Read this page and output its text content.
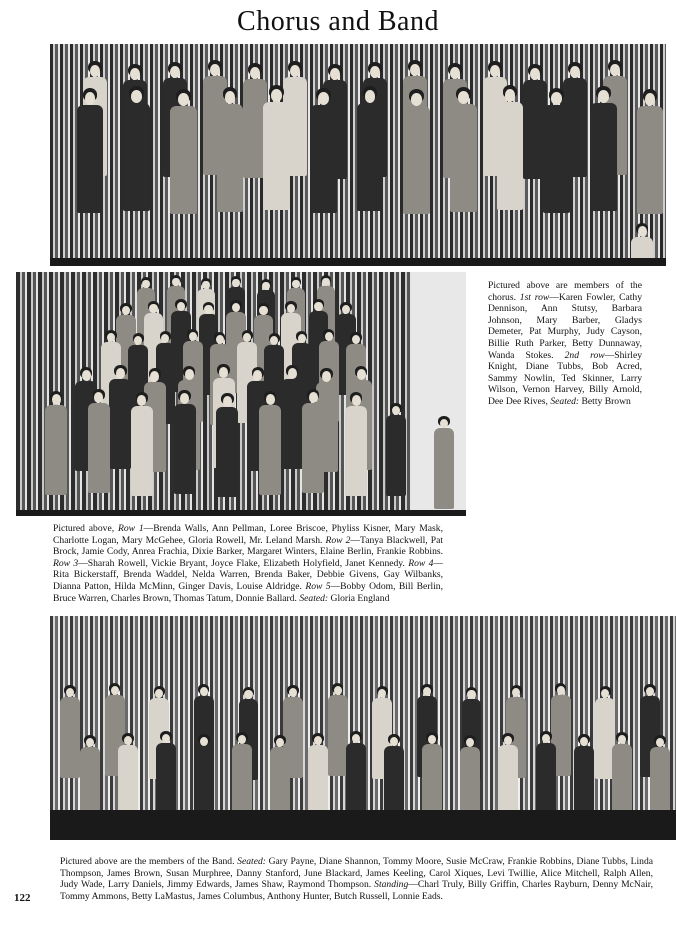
Chorus and Band
Pictured above are members of the chorus. 1st row—Karen Fowler, Cathy Dennison, Ann Stutsy, Barbara Johnson, Mary Barber, Gladys Demeter, Pat Murphy, Judy Cayson, Billie Ruth Parker, Betty Dunnaway, Wanda Stokes. 2nd row—Shirley Knight, Diane Tubbs, Bob Acred, Sammy Nowlin, Ted Skinner, Larry Wilson, Vernon Harvey, Billy Arnold, Dee Dee Rives, Seated: Betty Brown
Pictured above, Row 1—Brenda Walls, Ann Pellman, Loree Briscoe, Phyliss Kisner, Mary Mask, Charlotte Logan, Mary McGehee, Gloria Rowell, Mr. Leland Marsh. Row 2—Tanya Blackwell, Pat Brock, Jamie Cody, Anrea Frachia, Dixie Barker, Margaret Winters, Elaine Berlin, Frankie Robbins. Row 3—Sharah Rowell, Vickie Bryant, Joyce Flake, Elizabeth Holyfield, Janet Kennedy. Row 4—Rita Bickerstaff, Brenda Waddel, Nelda Warren, Brenda Baker, Debbie Givens, Gay Wilbanks, Dianna Patton, Hilda McMinn, Ginger Davis, Louise Aldridge. Row 5—Bobby Odom, Bill Berlin, Bruce Warren, Charles Brown, Thomas Tatum, Donnie Ballard. Seated: Gloria England
Pictured above are the members of the Band. Seated: Gary Payne, Diane Shannon, Tommy Moore, Susie McCraw, Frankie Robbins, Diane Tubbs, Linda Thompson, James Brown, Susan Murphree, Danny Stanford, June Blackard, James Keeling, Carol Xiques, Levi Twillie, Alice Mitchell, Ralph Allen, Judy Wade, Larry Daniels, Jimmy Edwards, James Shaw, Raymond Thompson. Standing—Charl Truly, Billy Griffin, Charles Rayburn, Denny McNair, Tommy Ammons, Betty LaMastus, James Columbus, Anthony Hunter, Butch Russell, Lonnie Eads.
122
